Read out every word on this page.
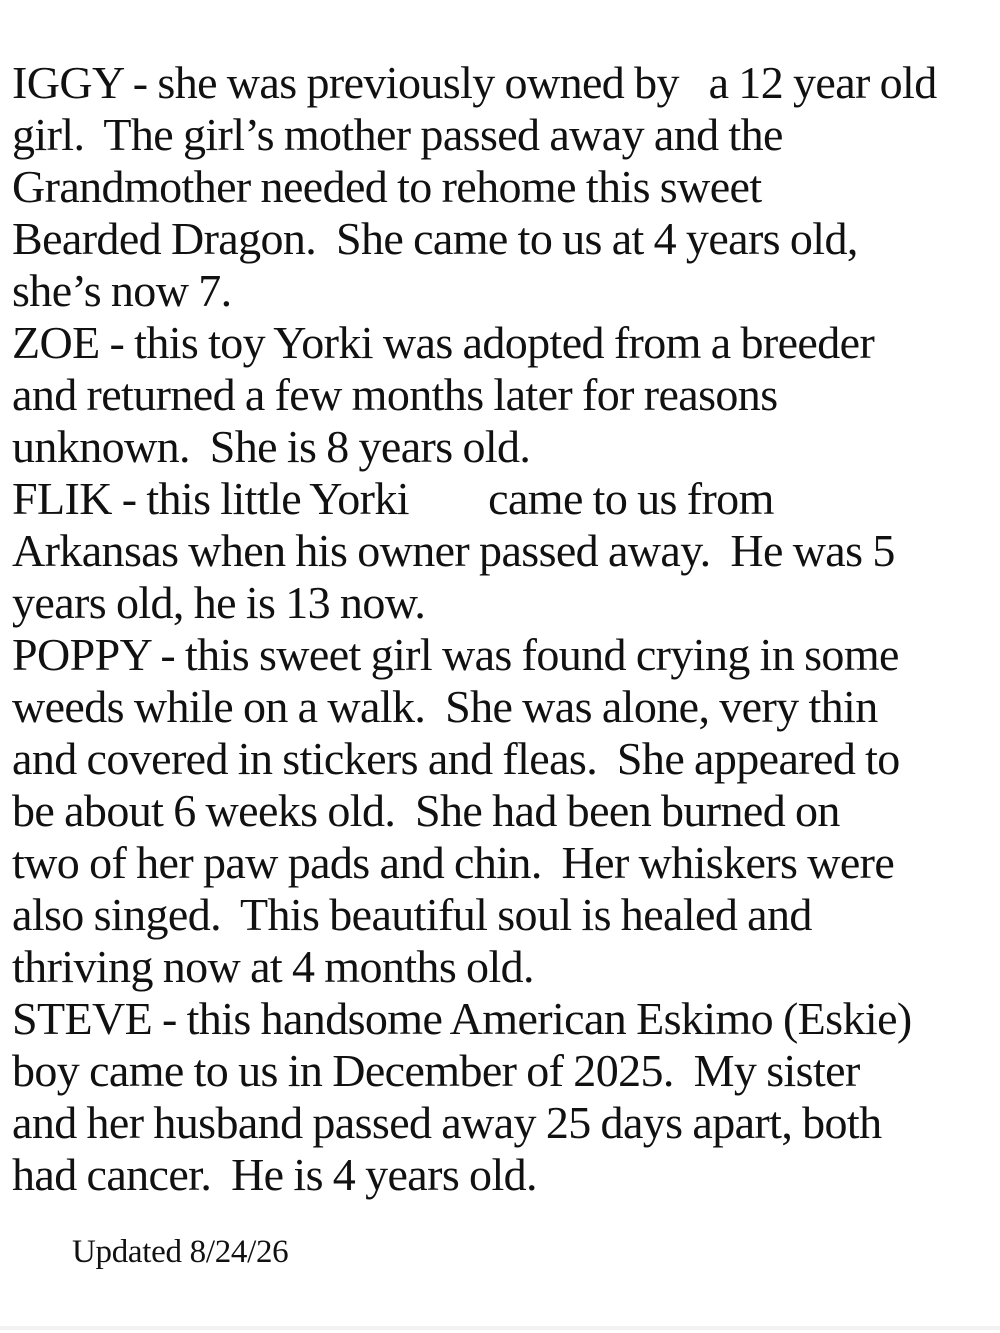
IGGY - she was previously owned by   a 12 year old
girl.  The girl’s mother passed away and the
Grandmother needed to rehome this sweet
Bearded Dragon.  She came to us at 4 years old,
she’s now 7.
ZOE - this toy Yorki was adopted from a breeder
and returned a few months later for reasons
unknown.  She is 8 years old.
FLIK - this little Yorki        came to us from
Arkansas when his owner passed away.  He was 5
years old, he is 13 now.
POPPY - this sweet girl was found crying in some
weeds while on a walk.  She was alone, very thin
and covered in stickers and fleas.  She appeared to
be about 6 weeks old.  She had been burned on
two of her paw pads and chin.  Her whiskers were
also singed.  This beautiful soul is healed and
thriving now at 4 months old.
STEVE - this handsome American Eskimo (Eskie)
boy came to us in December of 2025.  My sister
and her husband passed away 25 days apart, both
had cancer.  He is 4 years old.
Updated 8/24/26
